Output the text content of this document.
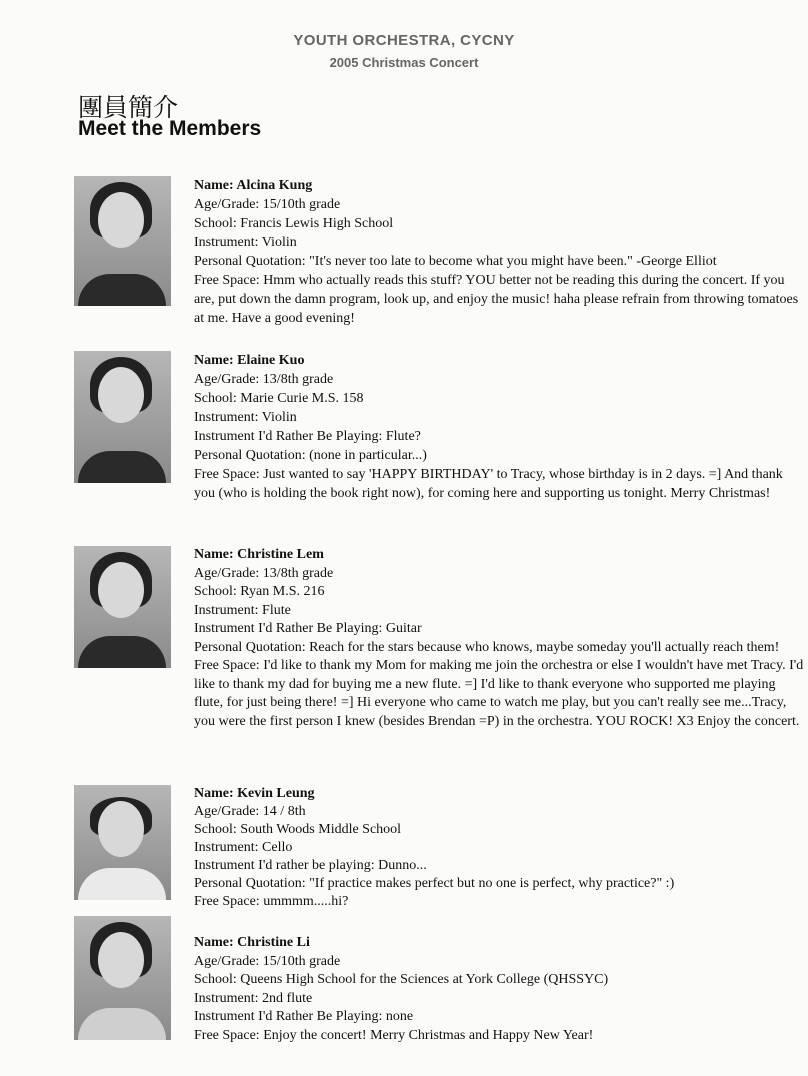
YOUTH ORCHESTRA, CYCNY
2005 Christmas Concert
團員簡介
Meet the Members
Name: Alcina Kung
Age/Grade: 15/10th grade
School: Francis Lewis High School
Instrument: Violin
Personal Quotation: "It's never too late to become what you might have been." -George Elliot
Free Space: Hmm who actually reads this stuff? YOU better not be reading this during the concert. If you are, put down the damn program, look up, and enjoy the music! haha please refrain from throwing tomatoes at me. Have a good evening!
Name: Elaine Kuo
Age/Grade: 13/8th grade
School: Marie Curie M.S. 158
Instrument: Violin
Instrument I'd Rather Be Playing: Flute?
Personal Quotation: (none in particular...)
Free Space: Just wanted to say 'HAPPY BIRTHDAY' to Tracy, whose birthday is in 2 days. =] And thank you (who is holding the book right now), for coming here and supporting us tonight. Merry Christmas!
Name: Christine Lem
Age/Grade: 13/8th grade
School: Ryan M.S. 216
Instrument: Flute
Instrument I'd Rather Be Playing: Guitar
Personal Quotation: Reach for the stars because who knows, maybe someday you'll actually reach them!
Free Space: I'd like to thank my Mom for making me join the orchestra or else I wouldn't have met Tracy. I'd like to thank my dad for buying me a new flute. =] I'd like to thank everyone who supported me playing flute, for just being there! =] Hi everyone who came to watch me play, but you can't really see me...Tracy, you were the first person I knew (besides Brendan =P) in the orchestra. YOU ROCK! X3 Enjoy the concert.
Name: Kevin Leung
Age/Grade: 14 / 8th
School: South Woods Middle School
Instrument: Cello
Instrument I'd rather be playing: Dunno...
Personal Quotation: "If practice makes perfect but no one is perfect, why practice?" :)
Free Space: ummmm.....hi?
Name: Christine Li
Age/Grade: 15/10th grade
School: Queens High School for the Sciences at York College (QHSSYC)
Instrument: 2nd flute
Instrument I'd Rather Be Playing: none
Free Space: Enjoy the concert! Merry Christmas and Happy New Year!
